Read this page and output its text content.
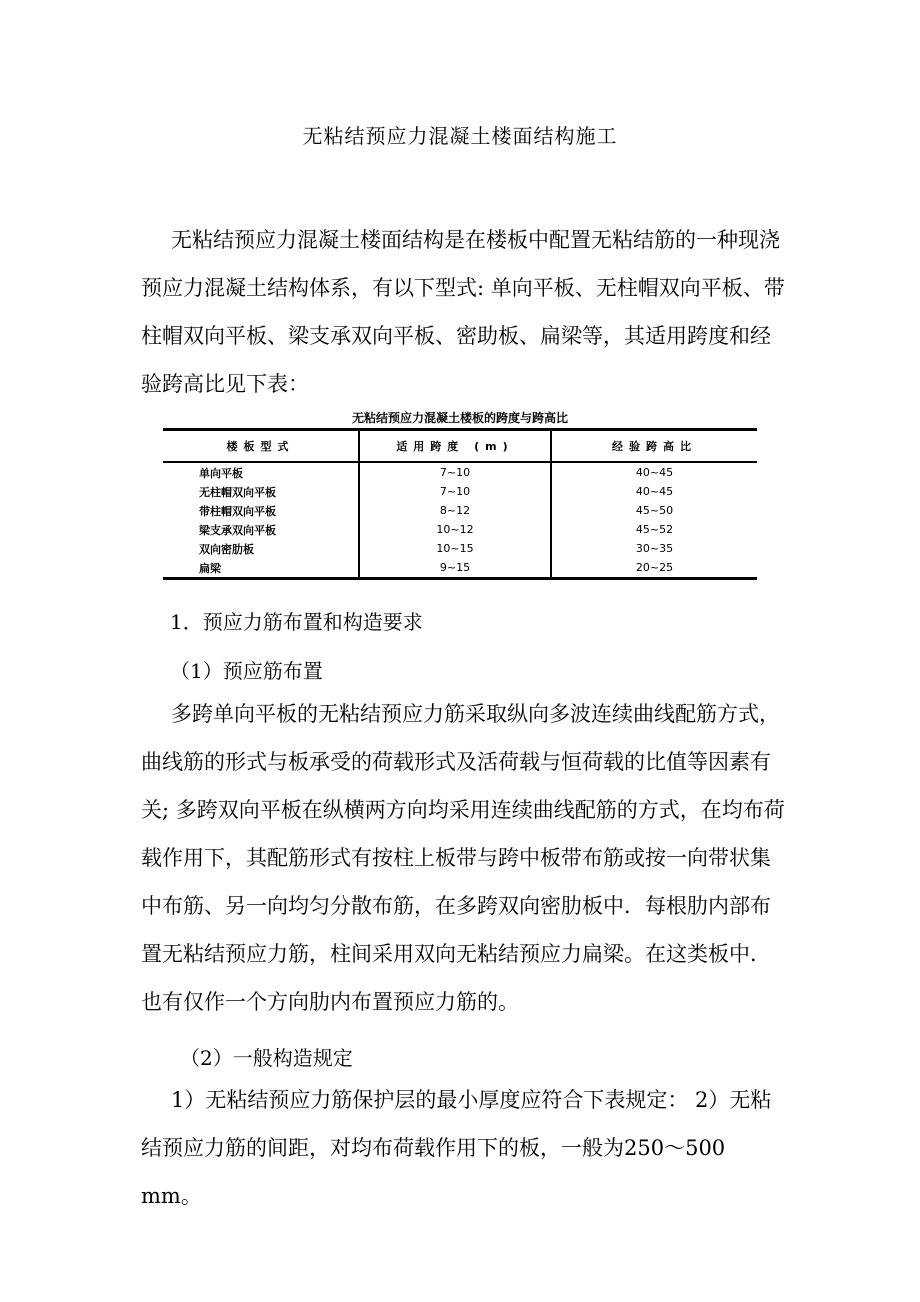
无粘结预应力混凝土楼面结构施工
无粘结预应力混凝土楼面结构是在楼板中配置无粘结筋的一种现浇预应力混凝土结构体系，有以下型式: 单向平板、无柱帽双向平板、带柱帽双向平板、梁支承双向平板、密助板、扁梁等，其适用跨度和经验跨高比见下表：
无粘结预应力混凝土楼板的跨度与跨高比
楼板型式	适用跨度 (m)	经验跨高比
单向平板	7~10	40~45
无柱帽双向平板	7~10	40~45
带柱帽双向平板	8~12	45~50
梁支承双向平板	10~12	45~52
双向密肋板	10~15	30~35
扁梁	9~15	20~25
1．预应力筋布置和构造要求
（1）预应筋布置
多跨单向平板的无粘结预应力筋采取纵向多波连续曲线配筋方式，曲线筋的形式与板承受的荷载形式及活荷载与恒荷载的比值等因素有关; 多跨双向平板在纵横两方向均采用连续曲线配筋的方式，在均布荷载作用下，其配筋形式有按柱上板带与跨中板带布筋或按一向带状集中布筋、另一向均匀分散布筋，在多跨双向密肋板中．每根肋内部布置无粘结预应力筋，柱间采用双向无粘结预应力扁梁。在这类板中．也有仅作一个方向肋内布置预应力筋的。
（2）一般构造规定
1）无粘结预应力筋保护层的最小厚度应符合下表规定： 2）无粘结预应力筋的间距，对均布荷载作用下的板，一般为250～500 mm。
